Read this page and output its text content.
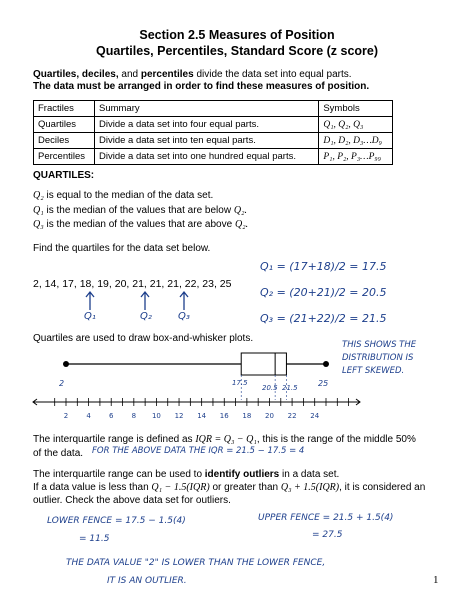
Section 2.5 Measures of Position
Quartiles, Percentiles, Standard Score (z score)
Quartiles, deciles, and percentiles divide the data set into equal parts.
The data must be arranged in order to find these measures of position.
Fractiles	Summary	Symbols
Quartiles	Divide a data set into four equal parts.	Q₁, Q₂, Q₃
Deciles	Divide a data set into ten equal parts.	D₁, D₂, D₃…D₉
Percentiles	Divide a data set into one hundred equal parts.	P₁, P₂, P₃…P₉₉
QUARTILES:
Q₂ is equal to the median of the data set.
Q₁ is the median of the values that are below Q₂.
Q₃ is the median of the values that are above Q₂.
Find the quartiles for the data set below.
2, 14, 17, 18, 19, 20, 21, 21, 21, 22, 23, 25
Q₁	Q₂	Q₃
Q₁ = (17+18)/2 = 17.5
Q₂ = (20+21)/2 = 20.5
Q₃ = (21+22)/2 = 21.5
Quartiles are used to draw box-and-whisker plots.
THIS SHOWS THE
DISTRIBUTION IS
LEFT SKEWED.
2	4	6	8 10 12 14 16 18 20 22 24
2	25
17.5
20.5 21.5
The interquartile range is defined as IQR = Q₃ − Q₁, this is the range of the middle 50%
of the data. FOR THE ABOVE DATA THE IQR = 21.5 − 17.5 = 4
The interquartile range can be used to identify outliers in a data set.
If a data value is less than Q₁ − 1.5(IQR) or greater than Q₃ + 1.5(IQR), it is considered an
outlier. Check the above data set for outliers.
LOWER FENCE = 17.5 − 1.5(4)
= 11.5
UPPER FENCE = 21.5 + 1.5(4)
= 27.5
THE DATA VALUE "2" IS LOWER THAN THE LOWER FENCE,
IT IS AN OUTLIER.	1
